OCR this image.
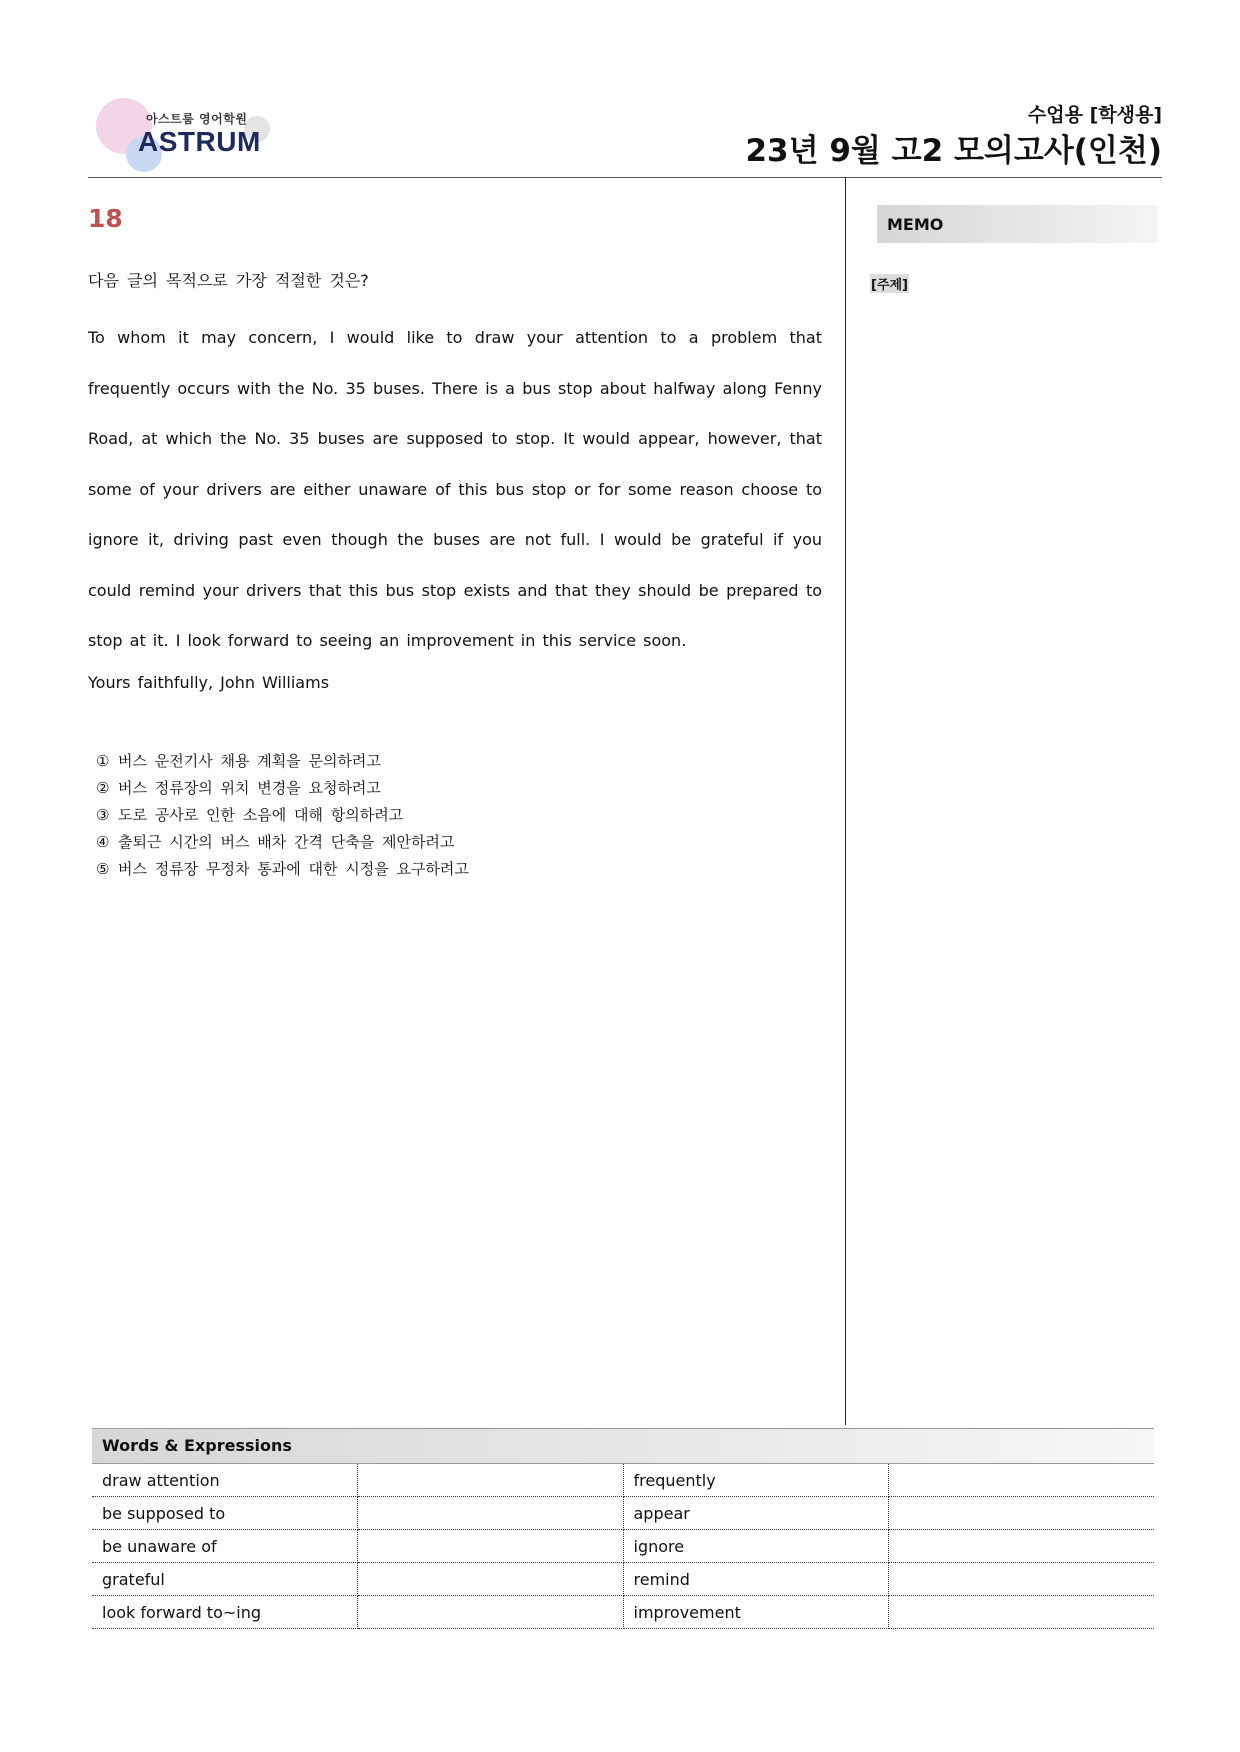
아스트룸 영어학원
ASTRUM
수업용 [학생용]
23년 9월 고2 모의고사(인천)
18
다음 글의 목적으로 가장 적절한 것은?
To whom it may concern, I would like to draw your attention to a problem that frequently occurs with the No. 35 buses. There is a bus stop about halfway along Fenny Road, at which the No. 35 buses are supposed to stop. It would appear, however, that some of your drivers are either unaware of this bus stop or for some reason choose to ignore it, driving past even though the buses are not full. I would be grateful if you could remind your drivers that this bus stop exists and that they should be prepared to stop at it. I look forward to seeing an improvement in this service soon.
Yours faithfully, John Williams
① 버스 운전기사 채용 계획을 문의하려고
② 버스 정류장의 위치 변경을 요청하려고
③ 도로 공사로 인한 소음에 대해 항의하려고
④ 출퇴근 시간의 버스 배차 간격 단축을 제안하려고
⑤ 버스 정류장 무정차 통과에 대한 시정을 요구하려고
MEMO
[주제]
Words & Expressions
draw attention		frequently	
be supposed to		appear	
be unaware of		ignore	
grateful		remind	
look forward to~ing		improvement	
